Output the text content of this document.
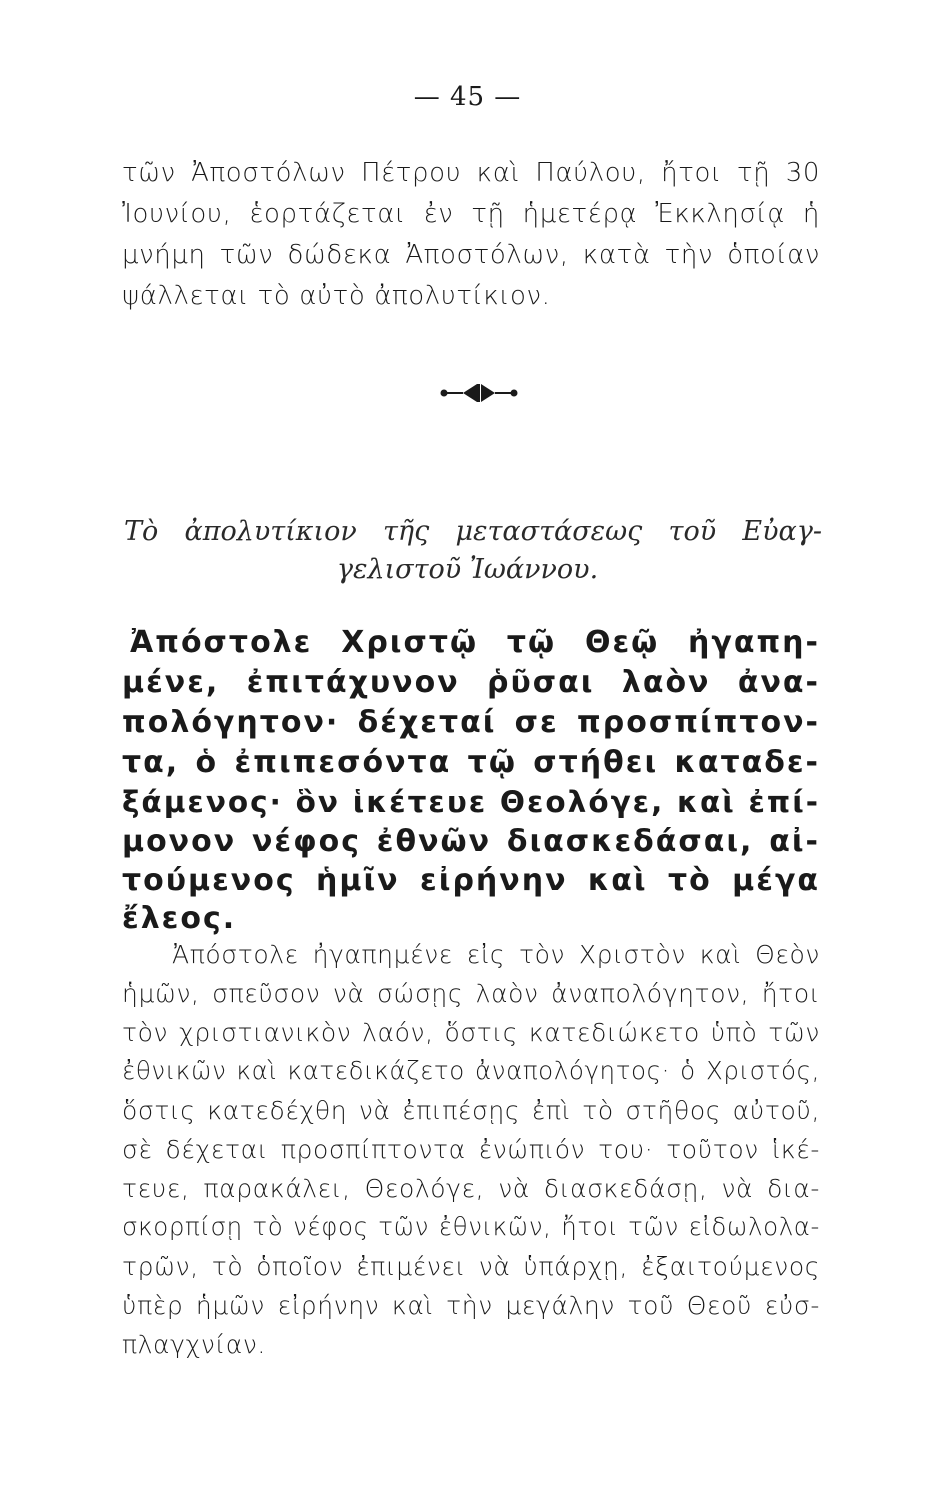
— 45 —
τῶν Ἀποστόλων Πέτρου καὶ Παύλου, ἤτοι τῇ 30
Ἰουνίου, ἑορτάζεται ἐν τῇ ἡμετέρᾳ Ἐκκλησίᾳ ἡ
μνήμη τῶν δώδεκα Ἀποστόλων, κατὰ τὴν ὁποίαν
ψάλλεται τὸ αὐτὸ ἀπολυτίκιον.
Τὸ ἀπολυτίκιον τῆς μεταστάσεως τοῦ Εὐαγ-
γελιστοῦ Ἰωάννου.
Ἀπόστολε Χριστῷ τῷ Θεῷ ἠγαπη-
μένε, ἐπιτάχυνον ῥῦσαι λαὸν ἀνα-
πολόγητον· δέχεταί σε προσπίπτον-
τα, ὁ ἐπιπεσόντα τῷ στήθει καταδε-
ξάμενος· ὃν ἱκέτευε Θεολόγε, καὶ ἐπί-
μονον νέφος ἐθνῶν διασκεδάσαι, αἰ-
τούμενος ἡμῖν εἰρήνην καὶ τὸ μέγα
ἔλεος.
Ἀπόστολε ἠγαπημένε εἰς τὸν Χριστὸν καὶ Θεὸν
ἡμῶν, σπεῦσον νὰ σώσῃς λαὸν ἀναπολόγητον, ἤτοι
τὸν χριστιανικὸν λαόν, ὅστις κατεδιώκετο ὑπὸ τῶν
ἐθνικῶν καὶ κατεδικάζετο ἀναπολόγητος· ὁ Χριστός,
ὅστις κατεδέχθη νὰ ἐπιπέσῃς ἐπὶ τὸ στῆθος αὐτοῦ,
σὲ δέχεται προσπίπτοντα ἐνώπιόν του· τοῦτον ἱκέ-
τευε, παρακάλει, Θεολόγε, νὰ διασκεδάσῃ, νὰ δια-
σκορπίσῃ τὸ νέφος τῶν ἐθνικῶν, ἤτοι τῶν εἰδωλολα-
τρῶν, τὸ ὁποῖον ἐπιμένει νὰ ὑπάρχῃ, ἐξαιτούμενος
ὑπὲρ ἡμῶν εἰρήνην καὶ τὴν μεγάλην τοῦ Θεοῦ εὐσ-
πλαγχνίαν.
